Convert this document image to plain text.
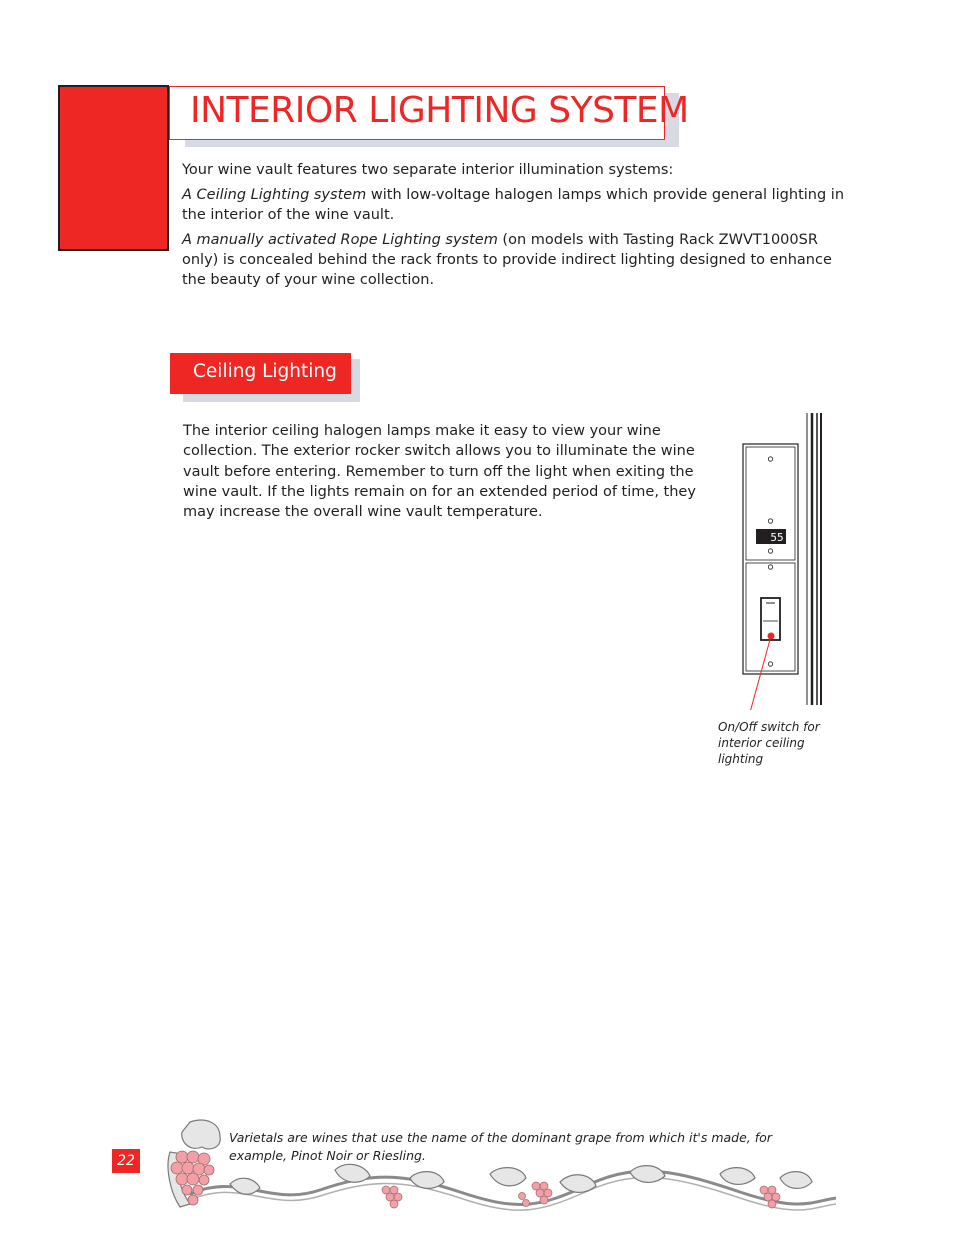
INTERIOR LIGHTING SYSTEM

Your wine vault features two separate interior illumination systems:

A Ceiling Lighting system with low-voltage halogen lamps which provide general lighting in the interior of the wine vault.

A manually activated Rope Lighting system (on models with Tasting Rack ZWVT1000SR only) is concealed behind the rack fronts to provide indirect lighting designed to enhance the beauty of your wine collection.

Ceiling Lighting

The interior ceiling halogen lamps make it easy to view your wine collection. The exterior rocker switch allows you to illuminate the wine vault before entering. Remember to turn off the light when exiting the wine vault. If the lights remain on for an extended period of time, they may increase the overall wine vault temperature.

55

On/Off switch for interior ceiling lighting

22

Varietals are wines that use the name of the dominant grape from which it's made, for example, Pinot Noir or Riesling.
